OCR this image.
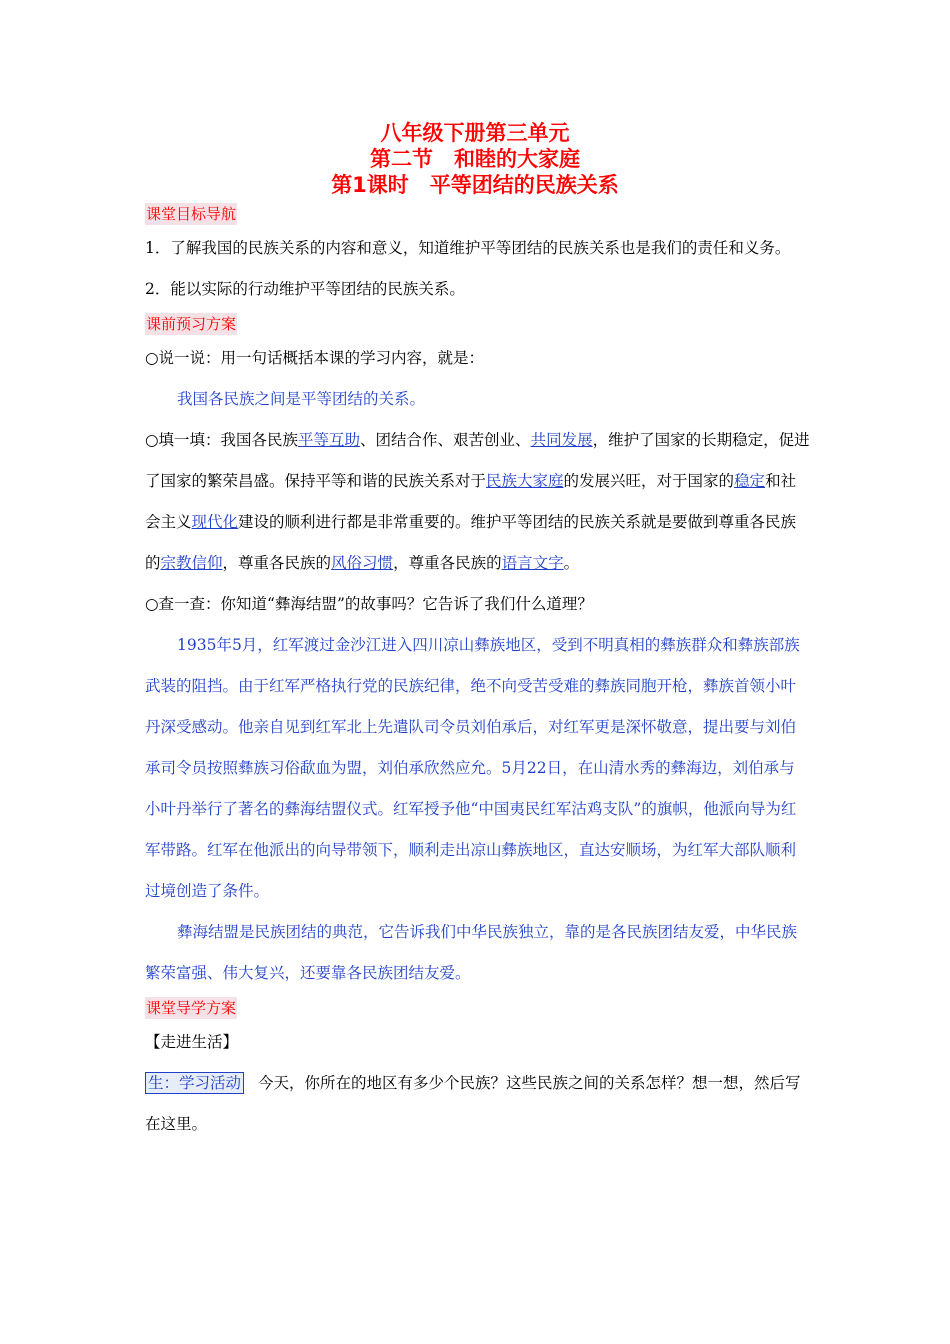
八年级下册第三单元
第二节　和睦的大家庭
第1课时　平等团结的民族关系
课堂目标导航

1．了解我国的民族关系的内容和意义，知道维护平等团结的民族关系也是我们的责任和义务。

2．能以实际的行动维护平等团结的民族关系。

课前预习方案

○说一说：用一句话概括本课的学习内容，就是：

我国各民族之间是平等团结的关系。

○填一填：我国各民族平等互助、团结合作、艰苦创业、共同发展，维护了国家的长期稳定，促进了国家的繁荣昌盛。保持平等和谐的民族关系对于民族大家庭的发展兴旺，对于国家的稳定和社会主义现代化建设的顺利进行都是非常重要的。维护平等团结的民族关系就是要做到尊重各民族的宗教信仰，尊重各民族的风俗习惯，尊重各民族的语言文字。

○查一查：你知道“彝海结盟”的故事吗？它告诉了我们什么道理？

1935年5月，红军渡过金沙江进入四川凉山彝族地区，受到不明真相的彝族群众和彝族部族武装的阻挡。由于红军严格执行党的民族纪律，绝不向受苦受难的彝族同胞开枪，彝族首领小叶丹深受感动。他亲自见到红军北上先遣队司令员刘伯承后，对红军更是深怀敬意，提出要与刘伯承司令员按照彝族习俗歃血为盟，刘伯承欣然应允。5月22日，在山清水秀的彝海边，刘伯承与小叶丹举行了著名的彝海结盟仪式。红军授予他“中国夷民红军沽鸡支队”的旗帜，他派向导为红军带路。红军在他派出的向导带领下，顺利走出凉山彝族地区，直达安顺场，为红军大部队顺利过境创造了条件。

彝海结盟是民族团结的典范，它告诉我们中华民族独立，靠的是各民族团结友爱，中华民族繁荣富强、伟大复兴，还要靠各民族团结友爱。

课堂导学方案

【走进生活】

生：学习活动 今天，你所在的地区有多少个民族？这些民族之间的关系怎样？想一想，然后写在这里。
